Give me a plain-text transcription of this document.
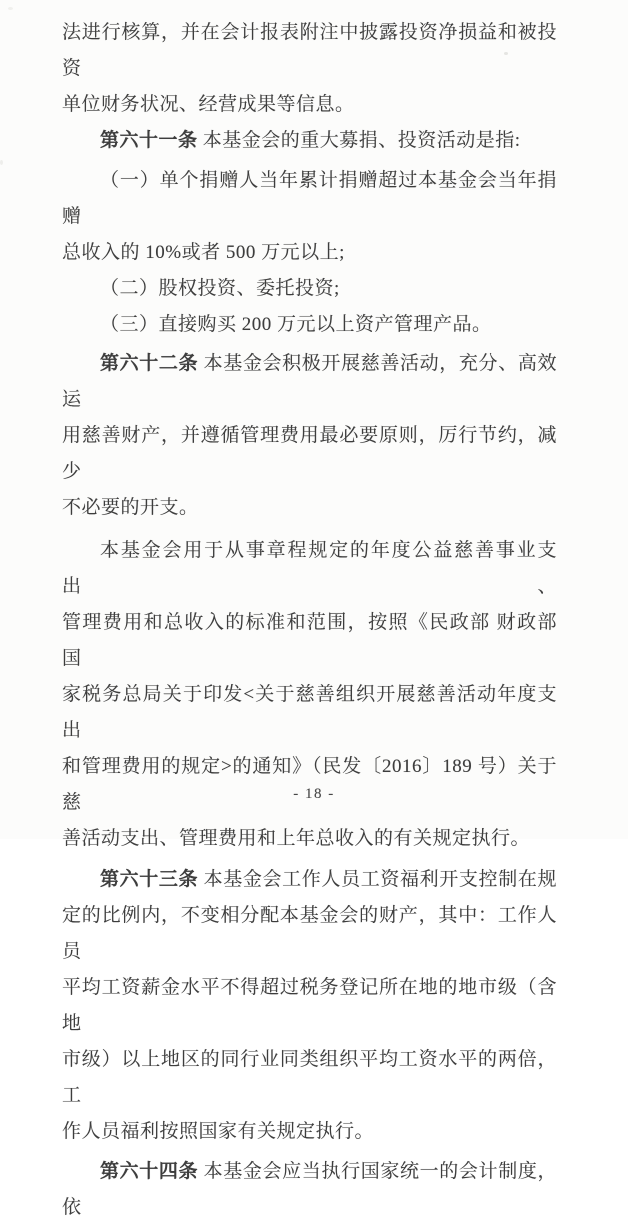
法进行核算，并在会计报表附注中披露投资净损益和被投资
单位财务状况、经营成果等信息。
第六十一条 本基金会的重大募捐、投资活动是指:
（一）单个捐赠人当年累计捐赠超过本基金会当年捐赠
总收入的 10%或者 500 万元以上;
（二）股权投资、委托投资;
（三）直接购买 200 万元以上资产管理产品。
第六十二条 本基金会积极开展慈善活动，充分、高效运
用慈善财产，并遵循管理费用最必要原则，厉行节约，减少
不必要的开支。
本基金会用于从事章程规定的年度公益慈善事业支出、
管理费用和总收入的标准和范围，按照《民政部 财政部 国
家税务总局关于印发<关于慈善组织开展慈善活动年度支出
和管理费用的规定>的通知》（民发〔2016〕189 号）关于慈
善活动支出、管理费用和上年总收入的有关规定执行。
第六十三条 本基金会工作人员工资福利开支控制在规
定的比例内，不变相分配本基金会的财产，其中：工作人员
平均工资薪金水平不得超过税务登记所在地的地市级（含地
市级）以上地区的同行业同类组织平均工资水平的两倍，工
作人员福利按照国家有关规定执行。
第六十四条 本基金会应当执行国家统一的会计制度，依
- 18 -
